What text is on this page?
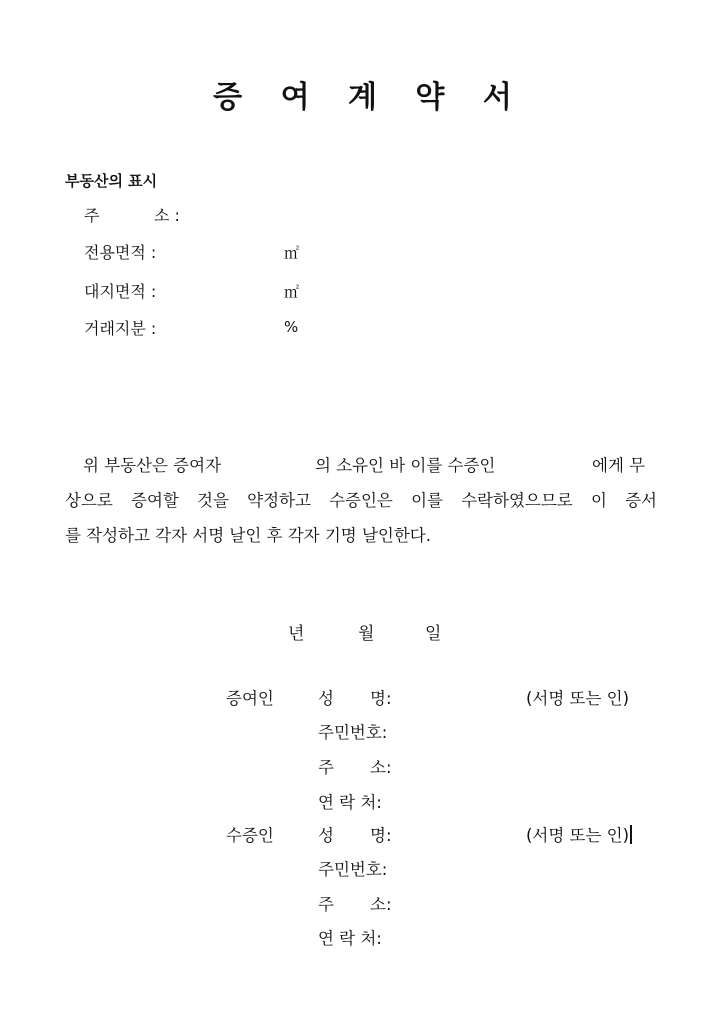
증 여 계 약 서
부동산의 표시
주	소 :
전용면적 :	㎡
대지면적 :	㎡
거래지분 :	%
위 부동산은 증여자	의 소유인 바 이를 수증인	에게 무
상으로 증여할 것을 약정하고 수증인은 이를 수락하였으므로 이 증서
를 작성하고 각자 서명 날인 후 각자 기명 날인한다.
년	월	일
증여인	성 명:	(서명 또는 인)
주민번호:
주 소:
연 락 처:
수증인	성 명:	(서명 또는 인)
주민번호:
주 소:
연 락 처:
